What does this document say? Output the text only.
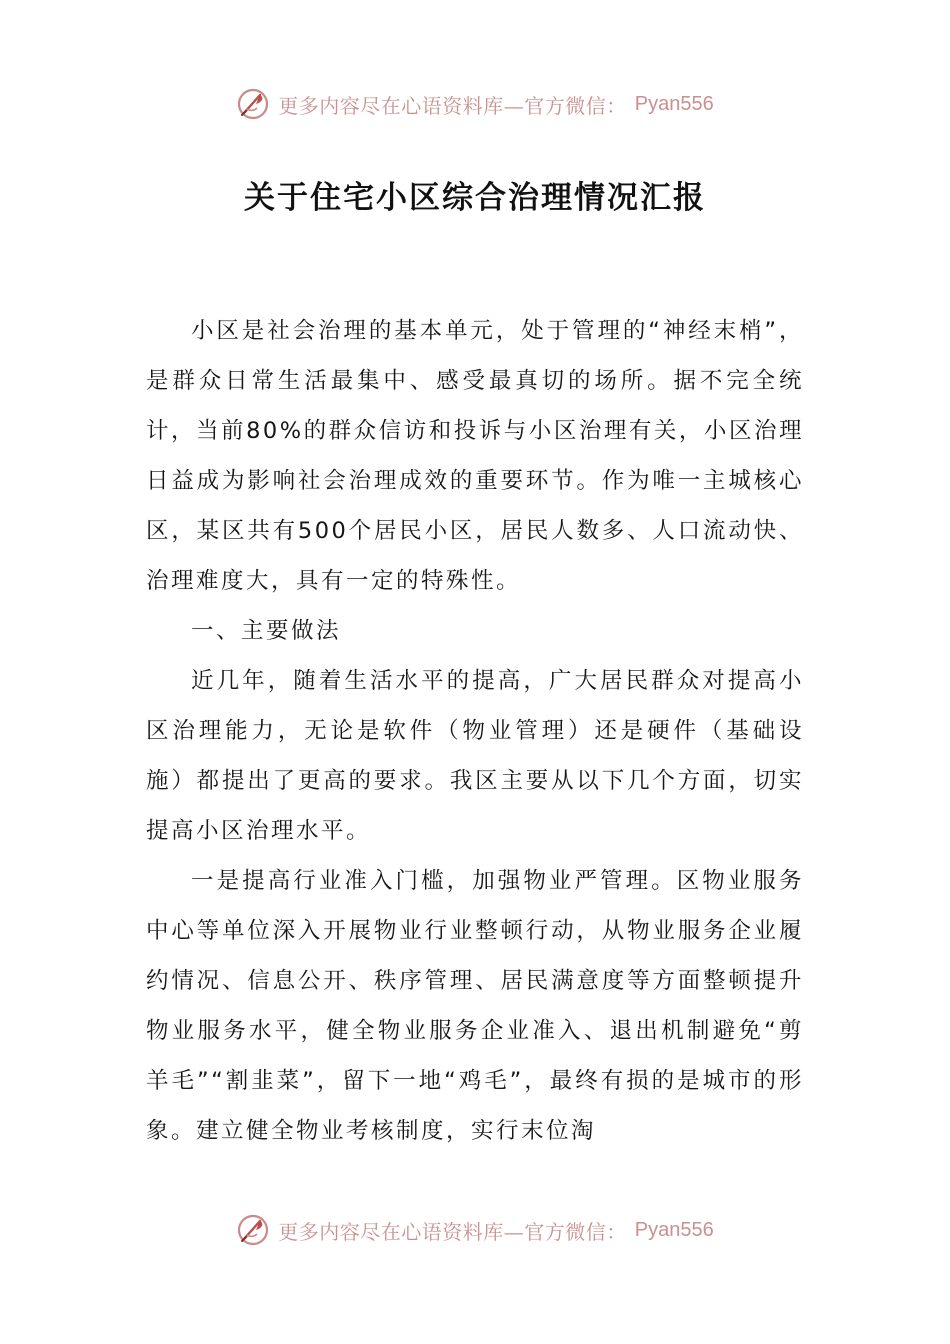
更多内容尽在心语资料库—官方微信： Pyan556
关于住宅小区综合治理情况汇报

小区是社会治理的基本单元，处于管理的“神经末梢”，是群众日常生活最集中、感受最真切的场所。据不完全统计，当前80%的群众信访和投诉与小区治理有关，小区治理日益成为影响社会治理成效的重要环节。作为唯一主城核心区，某区共有500个居民小区，居民人数多、人口流动快、治理难度大，具有一定的特殊性。

一、主要做法

近几年，随着生活水平的提高，广大居民群众对提高小区治理能力，无论是软件（物业管理）还是硬件（基础设施）都提出了更高的要求。我区主要从以下几个方面，切实提高小区治理水平。

一是提高行业准入门槛，加强物业严管理。区物业服务中心等单位深入开展物业行业整顿行动，从物业服务企业履约情况、信息公开、秩序管理、居民满意度等方面整顿提升物业服务水平，健全物业服务企业准入、退出机制避免“剪羊毛”“割韭菜”，留下一地“鸡毛”，最终有损的是城市的形象。建立健全物业考核制度，实行末位淘

更多内容尽在心语资料库—官方微信： Pyan556
